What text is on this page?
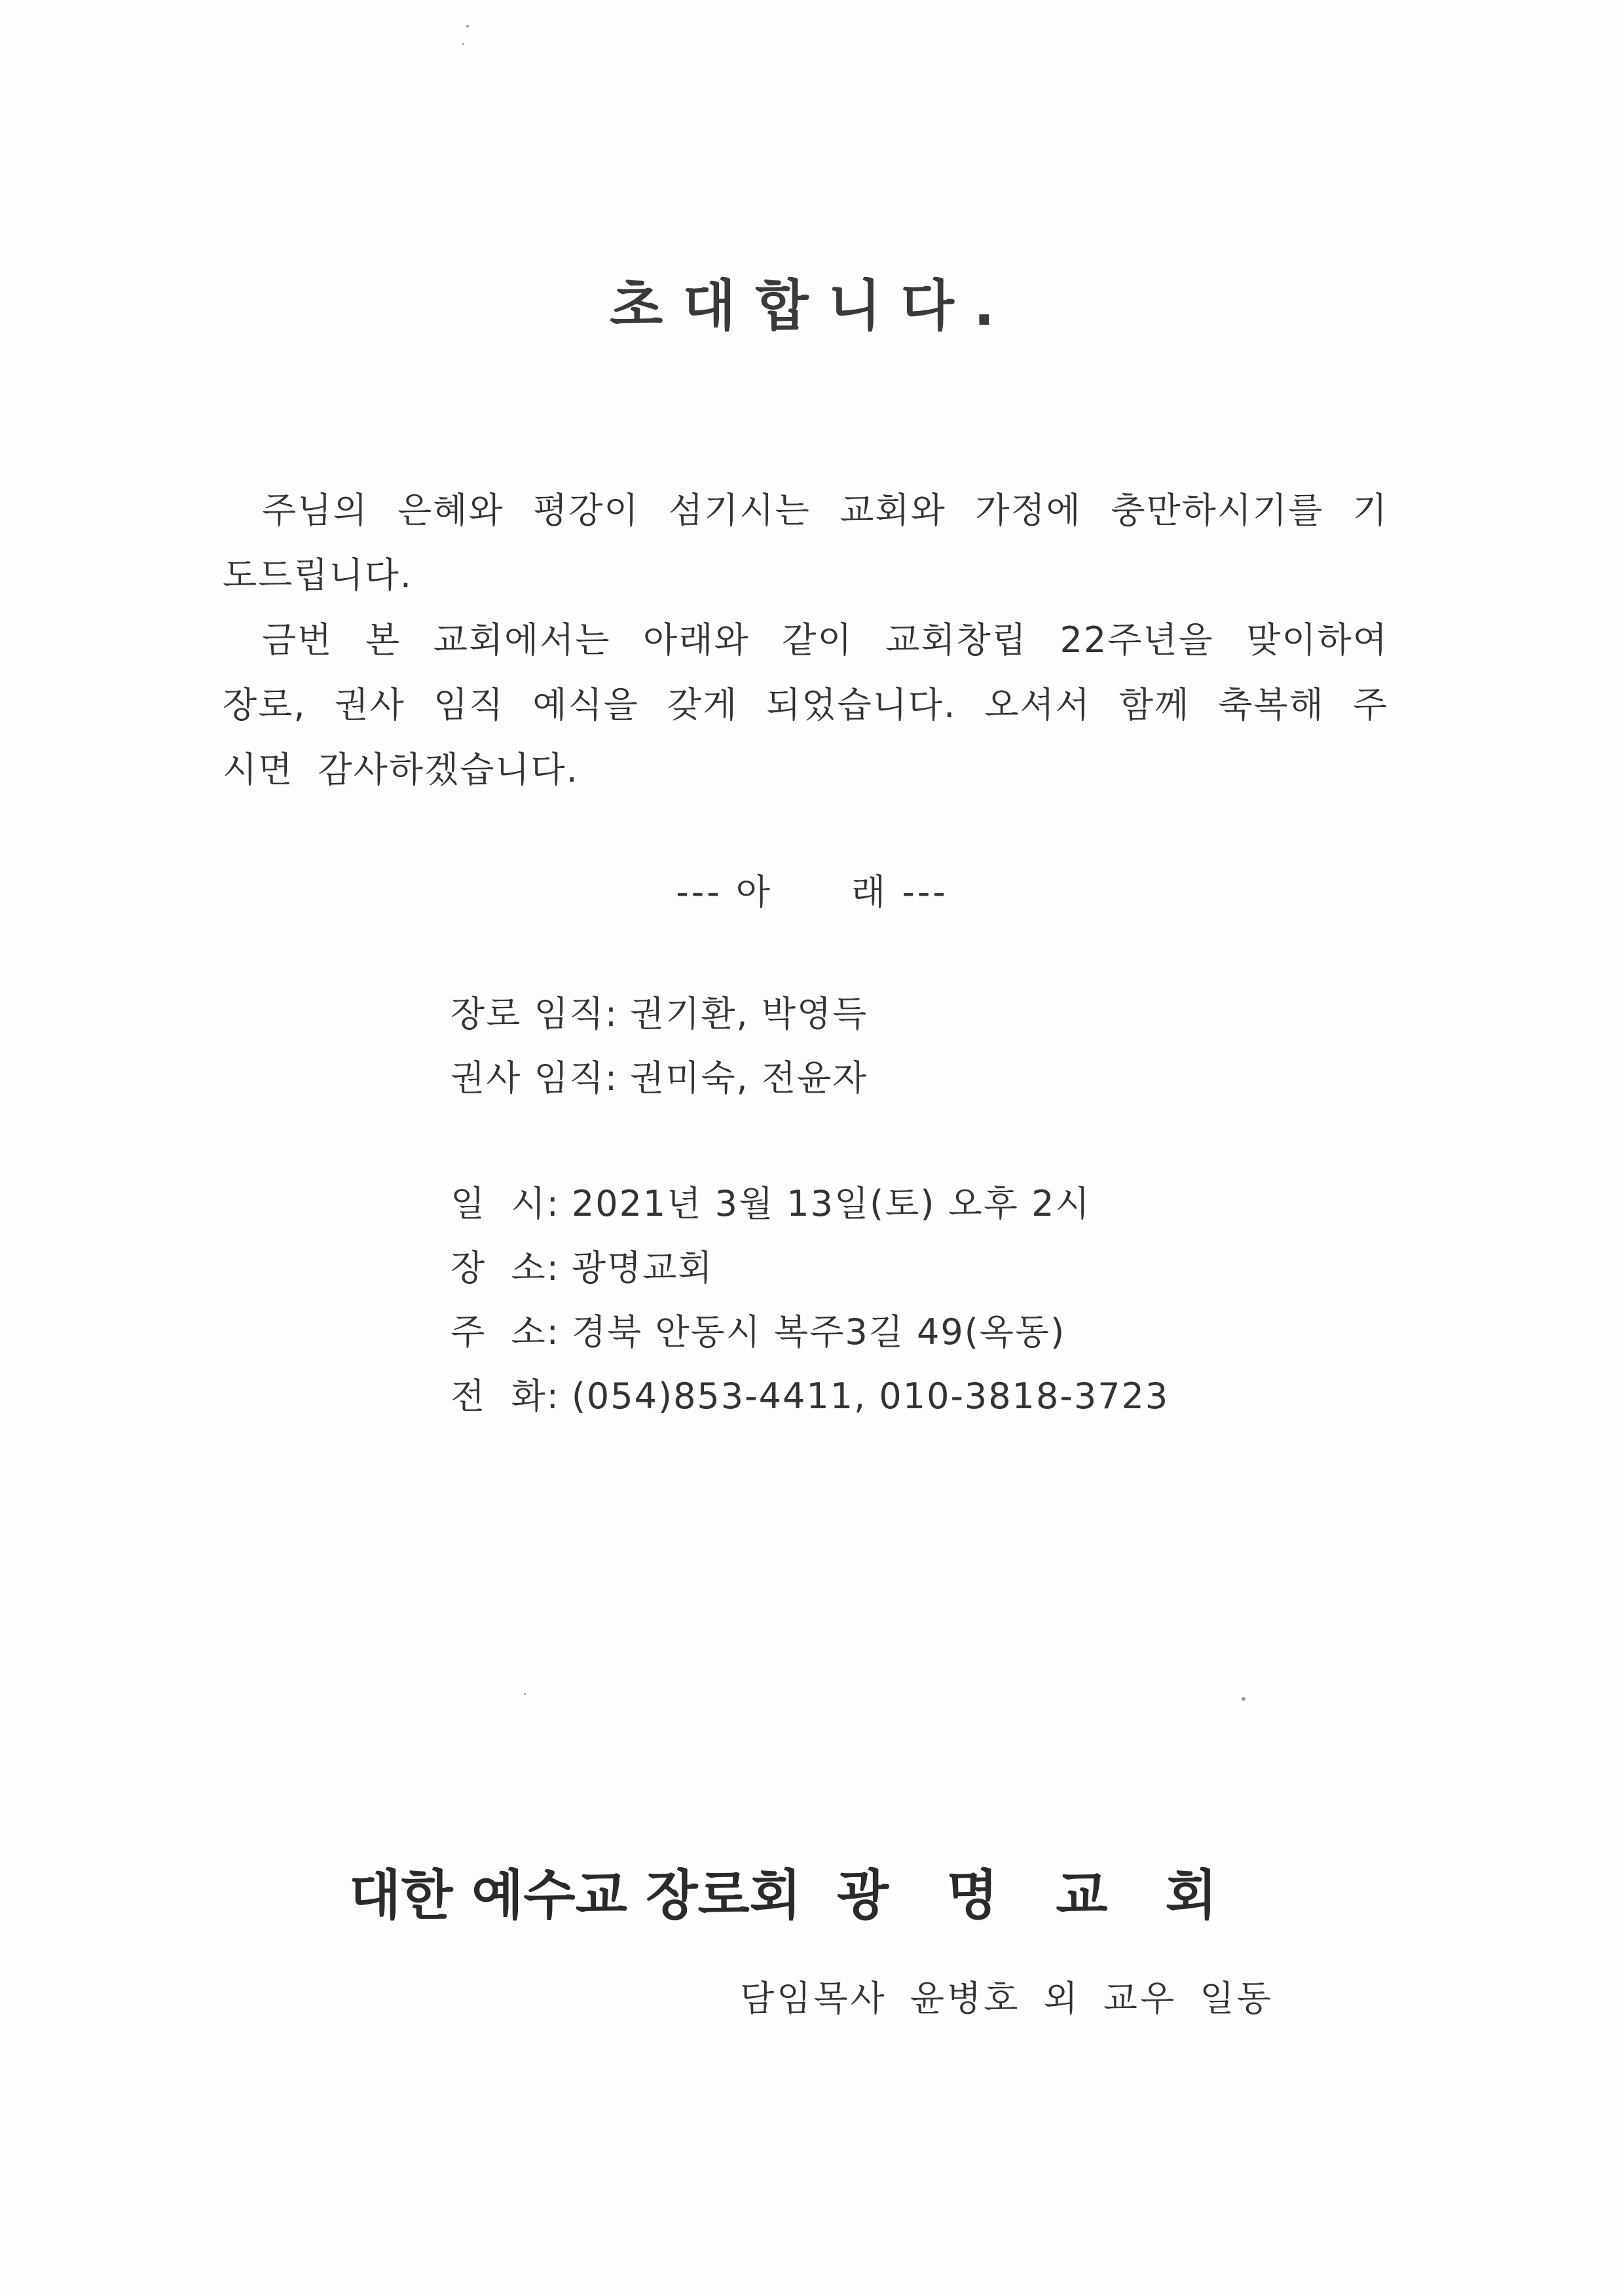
초대합니다.

주님의 은혜와 평강이 섬기시는 교회와 가정에 충만하시기를 기도드립니다.

금번 본 교회에서는 아래와 같이 교회창립 22주년을 맞이하여 장로, 권사 임직 예식을 갖게 되었습니다. 오셔서 함께 축복해 주시면 감사하겠습니다.

--- 아 래 ---
장로 임직: 권기환, 박영득
권사 임직: 권미숙, 전윤자
일  시: 2021년 3월 13일(토) 오후 2시
장  소: 광명교회
주  소: 경북 안동시 복주3길 49(옥동)
전  화: (054)853-4411, 010-3818-3723
대한 예수교 장로회 광명교회
담임목사 윤병호 외 교우 일동
